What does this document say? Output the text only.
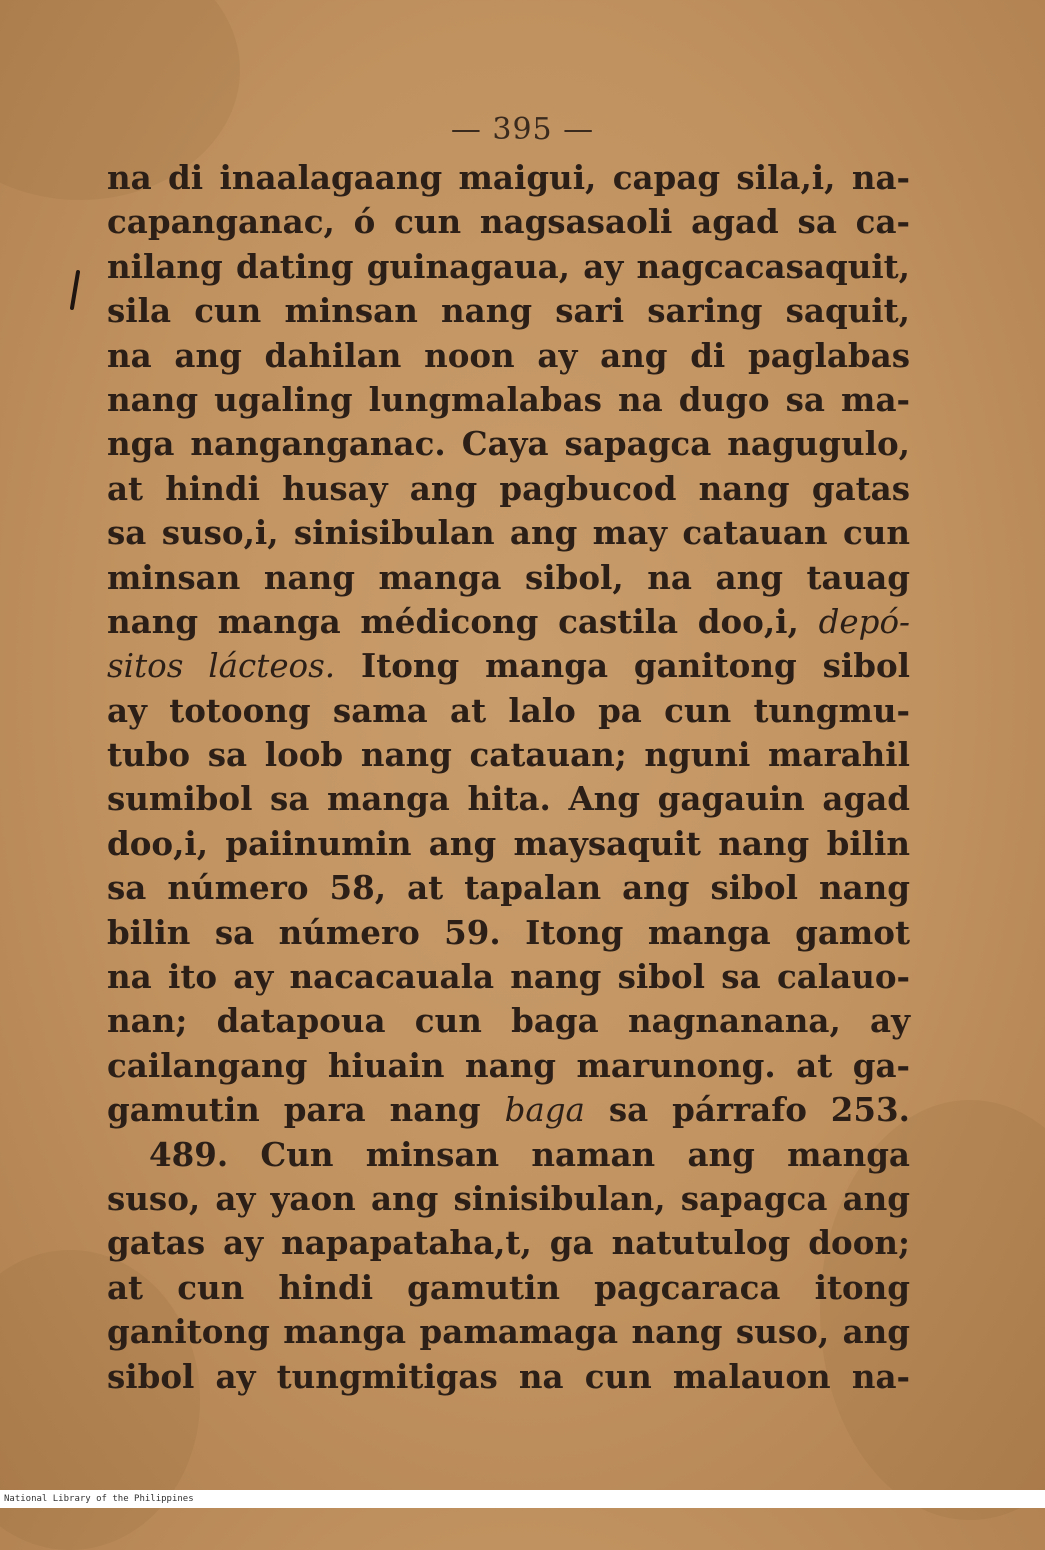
— 395 —
na di inaalagaang maigui, capag sila,i, na-
capanganac, ó cun nagsasaoli agad sa ca-
nilang dating guinagaua, ay nagcacasaquit,
sila cun minsan nang sari saring saquit,
na ang dahilan noon ay ang di paglabas
nang ugaling lungmalabas na dugo sa ma-
nga nanganganac. Caya sapagca nagugulo,
at hindi husay ang pagbucod nang gatas
sa suso,i, sinisibulan ang may catauan cun
minsan nang manga sibol, na ang tauag
nang manga médicong castila doo,i, depó-
sitos lácteos. Itong manga ganitong sibol
ay totoong sama at lalo pa cun tungmu-
tubo sa loob nang catauan; nguni marahil
sumibol sa manga hita. Ang gagauin agad
doo,i, paiinumin ang maysaquit nang bilin
sa número 58, at tapalan ang sibol nang
bilin sa número 59. Itong manga gamot
na ito ay nacacauala nang sibol sa calauo-
nan; datapoua cun baga nagnanana, ay
cailangang hiuain nang marunong. at ga-
gamutin para nang baga sa párrafo 253.
489. Cun minsan naman ang manga
suso, ay yaon ang sinisibulan, sapagca ang
gatas ay napapataha,t, ga natutulog doon;
at cun hindi gamutin pagcaraca itong
ganitong manga pamamaga nang suso, ang
sibol ay tungmitigas na cun malauon na-
National Library of the Philippines
